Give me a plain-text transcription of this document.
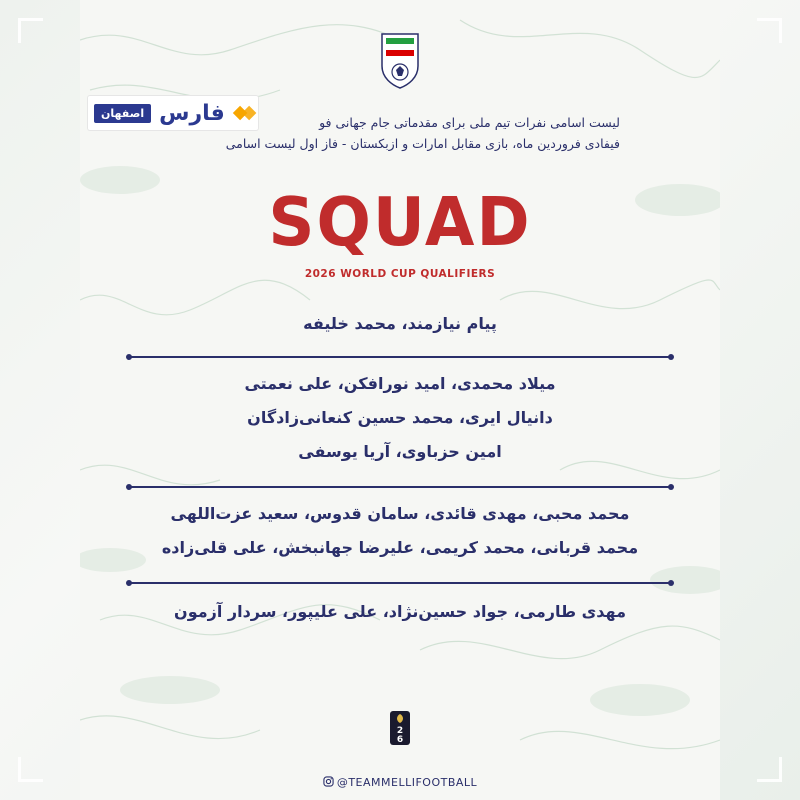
اصفهان فارس	لیست اسامی نفرات تیم ملی برای مقدماتی جام جهانی فو
فیفادی فروردین ماه، بازی مقابل امارات و ازبکستان - فاز اول لیست اسامی
SQUAD
2026 WORLD CUP QUALIFIERS
پیام نیازمند، محمد خلیفه
میلاد محمدی، امید نورافکن، علی نعمتی
دانیال ایری، محمد حسین کنعانی‌زادگان
امین حزباوی، آریا یوسفی
محمد محبی، مهدی قائدی، سامان قدوس، سعید عزت‌اللهی
محمد قربانی، محمد کریمی، علیرضا جهانبخش، علی قلی‌زاده
مهدی طارمی، جواد حسین‌نژاد، علی علیپور، سردار آزمون
2
6
@TEAMMELLIFOOTBALL
